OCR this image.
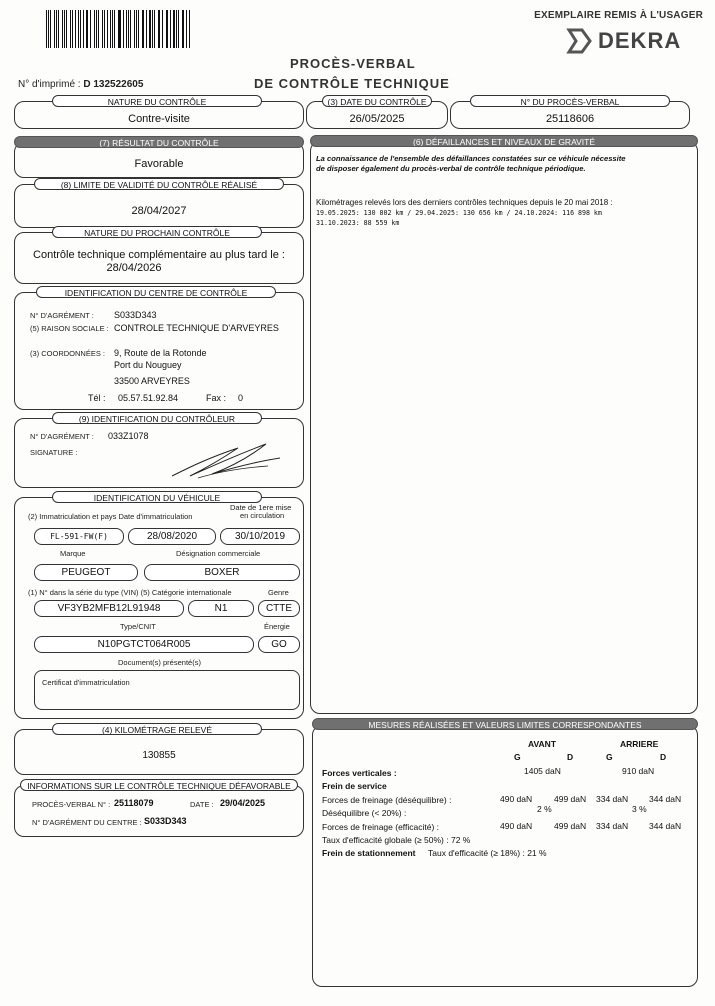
EXEMPLAIRE REMIS À L'USAGER
DEKRA
PROCÈS-VERBAL
DE CONTRÔLE TECHNIQUE
N° d'imprimé : D 132522605
NATURE DU CONTRÔLE
Contre-visite
(3) DATE DU CONTRÔLE
26/05/2025
N° DU PROCÈS-VERBAL
25118606
(7) RÉSULTAT DU CONTRÔLE
Favorable
(8) LIMITE DE VALIDITÉ DU CONTRÔLE RÉALISÉ
28/04/2027
NATURE DU PROCHAIN CONTRÔLE
Contrôle technique complémentaire au plus tard le :
28/04/2026
IDENTIFICATION DU CENTRE DE CONTRÔLE
N° D'AGRÉMENT : S033D343
(5) RAISON SOCIALE : CONTROLE TECHNIQUE D'ARVEYRES
(3) COORDONNÉES : 9, Route de la Rotonde
Port du Nouguey
33500 ARVEYRES
Tél : 05.57.51.92.84	Fax : 0
(9) IDENTIFICATION DU CONTRÔLEUR
N° D'AGRÉMENT : 033Z1078
SIGNATURE :
IDENTIFICATION DU VÉHICULE
(2) Immatriculation et pays Date d'immatriculation
Date de 1ere mise
en circulation
FL-591-FW(F)	28/08/2020	30/10/2019
Marque	Désignation commerciale
PEUGEOT	BOXER
(1) N° dans la série du type (VIN) (5) Catégorie internationale	Genre
VF3YB2MFB12L91948	N1	CTTE
Type/CNIT	Énergie
N10PGTCT064R005	GO
Document(s) présenté(s)
Certificat d'immatriculation
(4) KILOMÉTRAGE RELEVÉ
130855
INFORMATIONS SUR LE CONTRÔLE TECHNIQUE DÉFAVORABLE
PROCÈS-VERBAL N° : 25118079	DATE : 29/04/2025
N° D'AGRÉMENT DU CENTRE : S033D343
(6) DÉFAILLANCES ET NIVEAUX DE GRAVITÉ
La connaissance de l'ensemble des défaillances constatées sur ce véhicule nécessite
de disposer également du procès-verbal de contrôle technique périodique.
Kilométrages relevés lors des derniers contrôles techniques depuis le 20 mai 2018 :
19.05.2025: 130 802 km / 29.04.2025: 130 656 km / 24.10.2024: 116 898 km
31.10.2023: 88 559 km
MESURES RÉALISÉES ET VALEURS LIMITES CORRESPONDANTES
AVANT	ARRIERE
G	D	G	D
Forces verticales :	1405 daN	910 daN
Frein de service
Forces de freinage (déséquilibre) :	490 daN	499 daN 334 daN 344 daN
Déséquilibre (< 20%) :	2 %	3 %
Forces de freinage (efficacité) :	490 daN	499 daN 334 daN 344 daN
Taux d'efficacité globale (≥ 50%) : 72 %
Frein de stationnement Taux d'efficacité (≥ 18%) : 21 %
